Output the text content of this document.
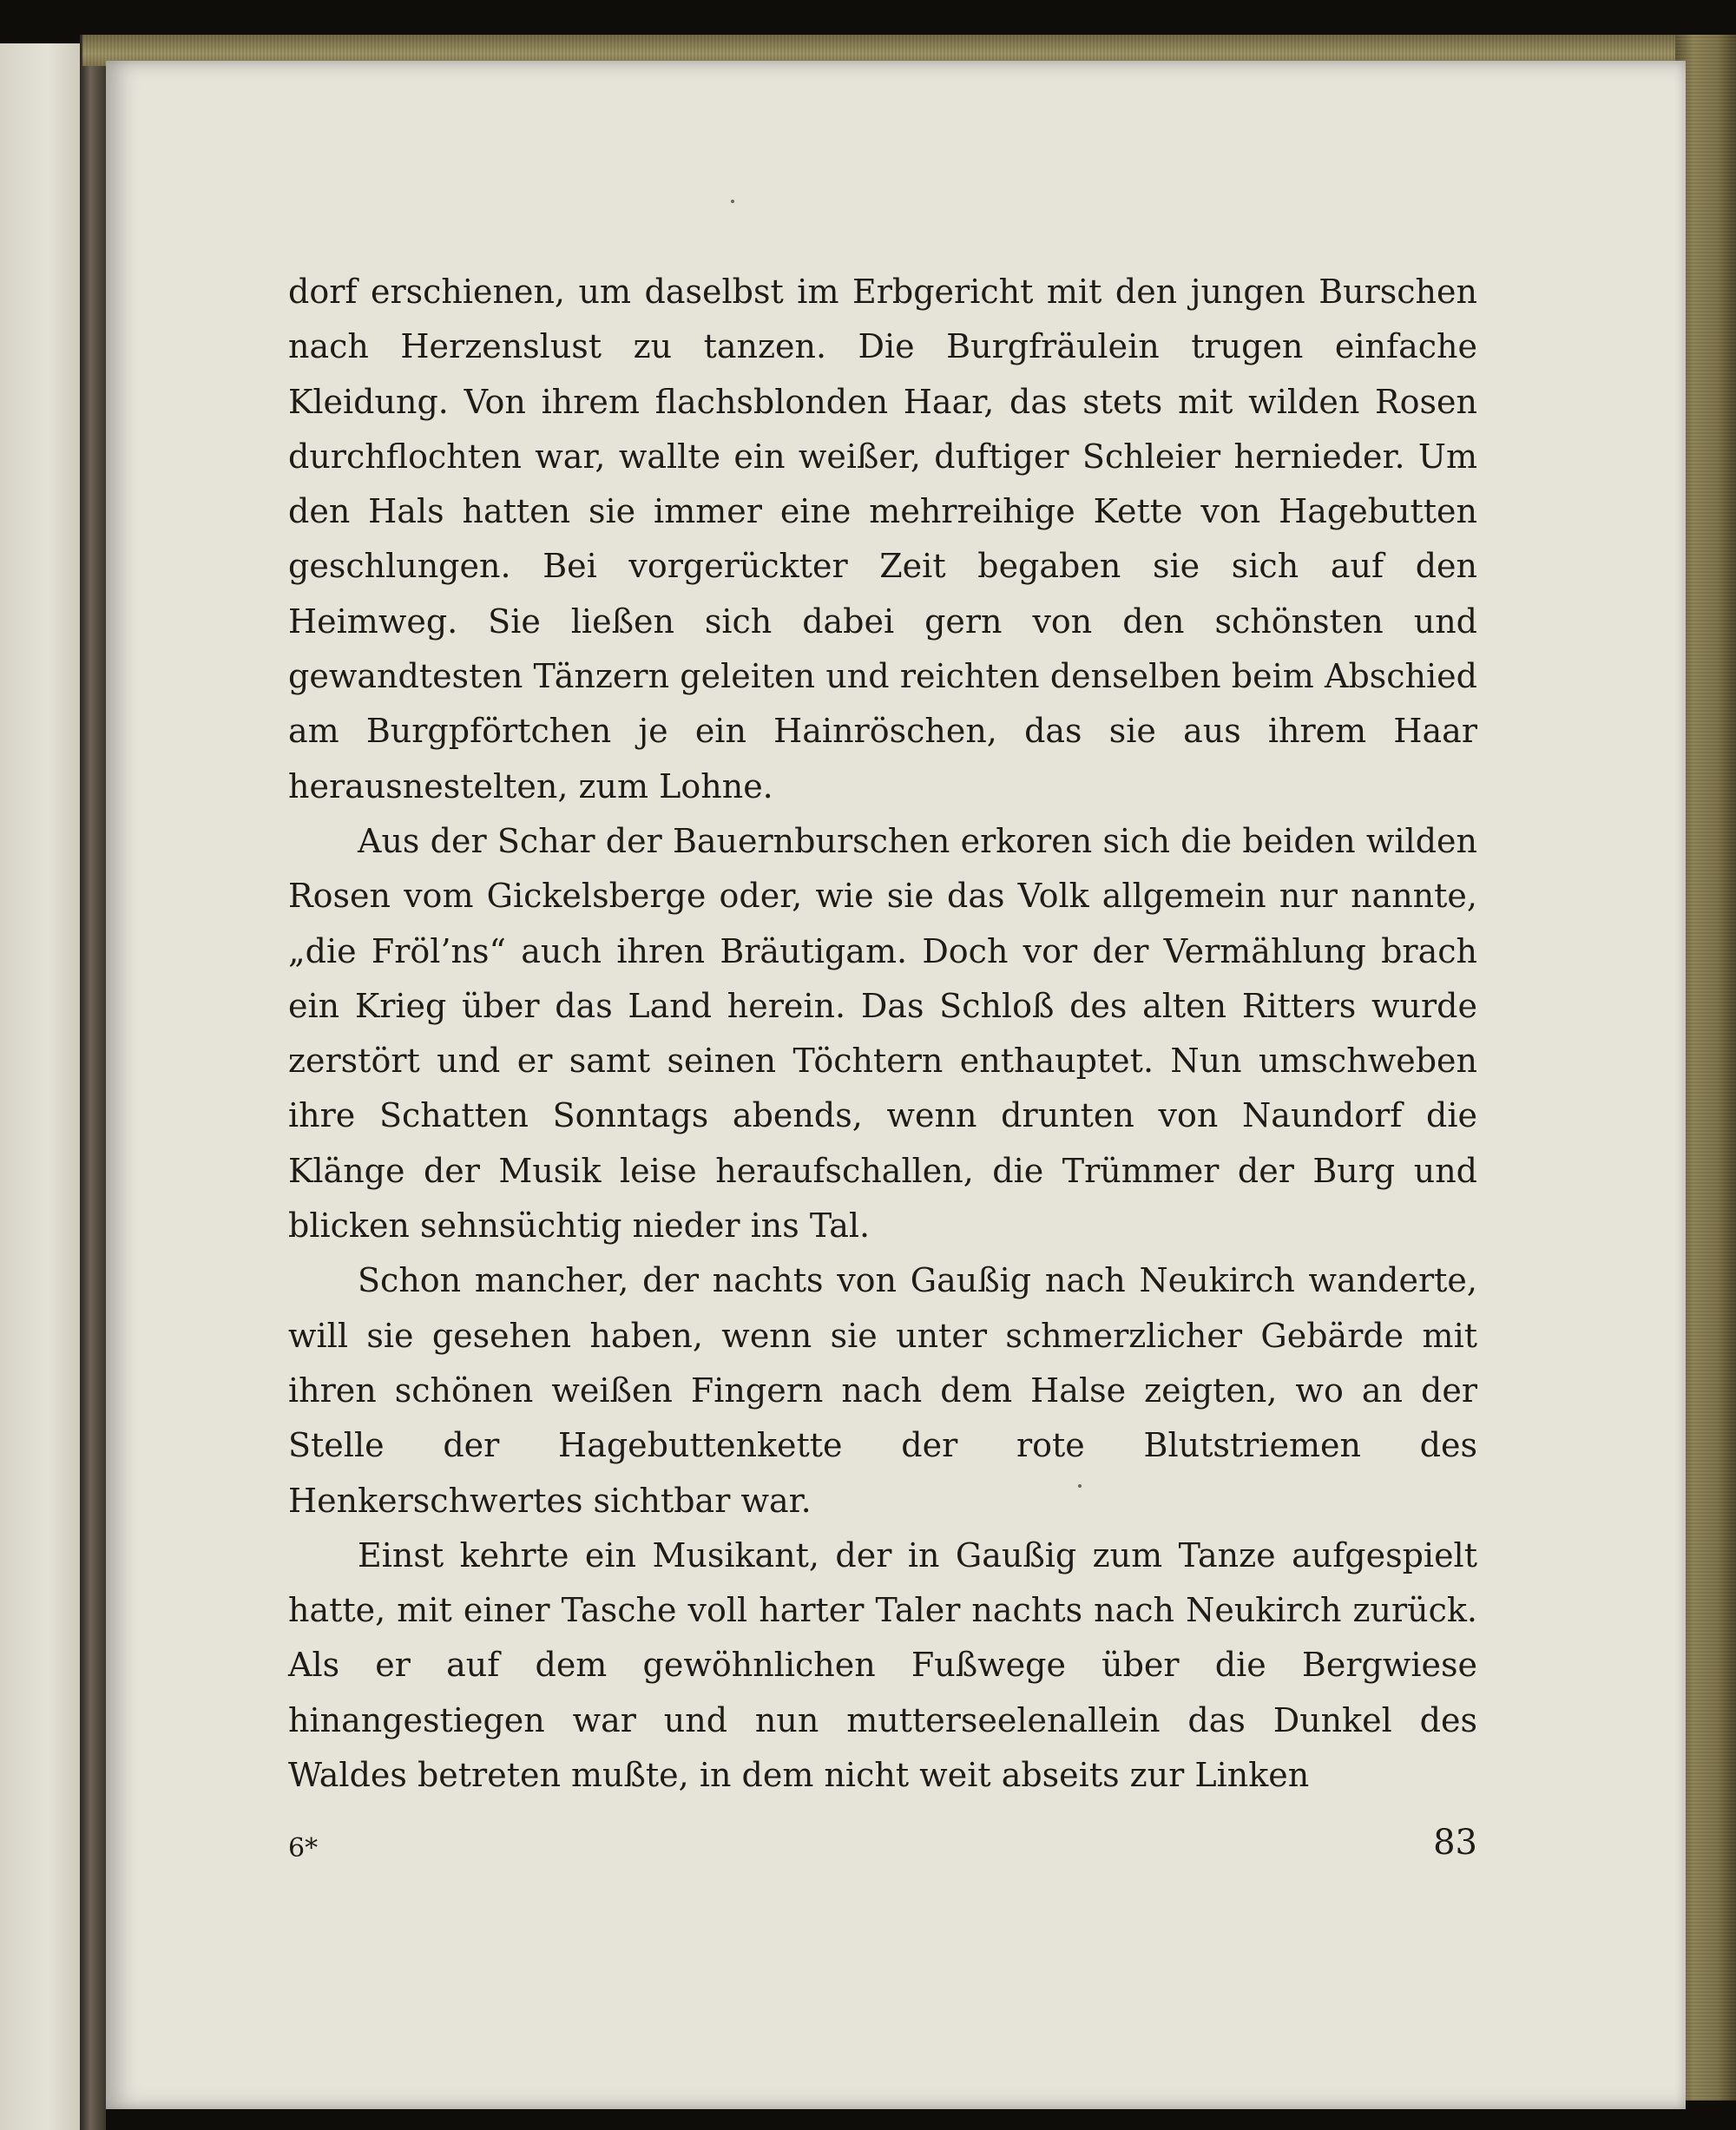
dorf erschienen, um daselbst im Erbgericht mit den jungen Burschen nach Herzenslust zu tanzen. Die Burgfräulein trugen einfache Kleidung. Von ihrem flachsblonden Haar, das stets mit wilden Rosen durchflochten war, wallte ein weißer, duftiger Schleier hernieder. Um den Hals hatten sie immer eine mehrreihige Kette von Hagebutten geschlungen. Bei vorgerückter Zeit begaben sie sich auf den Heimweg. Sie ließen sich dabei gern von den schönsten und gewandtesten Tänzern geleiten und reichten denselben beim Abschied am Burgpförtchen je ein Hainröschen, das sie aus ihrem Haar herausnestelten, zum Lohne.

Aus der Schar der Bauernburschen erkoren sich die beiden wilden Rosen vom Gickelsberge oder, wie sie das Volk allgemein nur nannte, „die Fröl’ns“ auch ihren Bräutigam. Doch vor der Vermählung brach ein Krieg über das Land herein. Das Schloß des alten Ritters wurde zerstört und er samt seinen Töchtern enthauptet. Nun umschweben ihre Schatten Sonntags abends, wenn drunten von Naundorf die Klänge der Musik leise heraufschallen, die Trümmer der Burg und blicken sehnsüchtig nieder ins Tal.

Schon mancher, der nachts von Gaußig nach Neukirch wanderte, will sie gesehen haben, wenn sie unter schmerzlicher Gebärde mit ihren schönen weißen Fingern nach dem Halse zeigten, wo an der Stelle der Hagebuttenkette der rote Blutstriemen des Henkerschwertes sichtbar war.

Einst kehrte ein Musikant, der in Gaußig zum Tanze aufgespielt hatte, mit einer Tasche voll harter Taler nachts nach Neukirch zurück. Als er auf dem gewöhnlichen Fußwege über die Bergwiese hinangestiegen war und nun mutterseelenallein das Dunkel des Waldes betreten mußte, in dem nicht weit abseits zur Linken

6*	83
